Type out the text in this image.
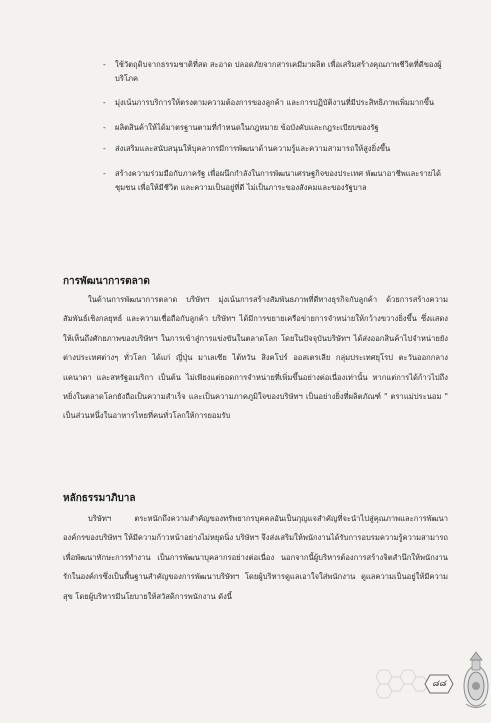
- ใช้วัตถุดิบจากธรรมชาติที่สด สะอาด ปลอดภัยจากสารเคมีมาผลิต เพื่อเสริมสร้างคุณภาพชีวิตที่ดีของผู้บริโภค
- มุ่งเน้นการบริการให้ตรงตามความต้องการของลูกค้า และการปฏิบัติงานที่มีประสิทธิภาพเพิ่มมากขึ้น
- ผลิตสินค้าให้ได้มาตรฐานตามที่กำหนดในกฎหมาย ข้อบังคับและกฎระเบียบของรัฐ
- ส่งเสริมและสนับสนุนให้บุคลากรมีการพัฒนาด้านความรู้และความสามารถให้สูงยิ่งขึ้น
- สร้างความร่วมมือกับภาครัฐ เพื่อผนึกกำลังในการพัฒนาเศรษฐกิจของประเทศ พัฒนาอาชีพและรายได้ชุมชน เพื่อให้มีชีวิต และความเป็นอยู่ที่ดี ไม่เป็นภาระของสังคมและของรัฐบาล
การพัฒนาการตลาด

ในด้านการพัฒนาการตลาด บริษัทฯ มุ่งเน้นการสร้างสัมพันธภาพที่ดีทางธุรกิจกับลูกค้า ด้วยการสร้างความสัมพันธ์เชิงกลยุทธ์ และความเชื่อถือกับลูกค้า บริษัทฯ ได้มีการขยายเครือข่ายการจำหน่ายให้กว้างขวางยิ่งขึ้น ซึ่งแสดงให้เห็นถึงศักยภาพของบริษัทฯ ในการเข้าสู่การแข่งขันในตลาดโลก โดยในปัจจุบันบริษัทฯ ได้ส่งออกสินค้าไปจำหน่ายยังต่างประเทศต่างๆ ทั่วโลก ได้แก่ ญี่ปุ่น มาเลเซีย ไต้หวัน สิงคโปร์ ออสเตรเลีย กลุ่มประเทศยุโรป ตะวันออกกลาง แคนาดา และสหรัฐอเมริกา เป็นต้น ไม่เพียงแต่ยอดการจำหน่ายที่เพิ่มขึ้นอย่างต่อเนื่องเท่านั้น หากแต่การได้ก้าวไปถึงหยิ่งในตลาดโลกยังถือเป็นความสำเร็จ และเป็นความภาคภูมิใจของบริษัทฯ เป็นอย่างยิ่งที่ผลิตภัณฑ์ " ตราแม่ประนอม " เป็นส่วนหนึ่งในอาหารไทยที่คนทั่วโลกให้การยอมรับ

หลักธรรมาภิบาล

บริษัทฯ ตระหนักถึงความสำคัญของทรัพยากรบุคคลอันเป็นกุญแจสำคัญที่จะนำไปสู่คุณภาพและการพัฒนาองค์กรของบริษัทฯ ให้มีความก้าวหน้าอย่างไม่หยุดนิ่ง บริษัทฯ จึงส่งเสริมให้พนักงานได้รับการอบรมความรู้ความสามารถ เพื่อพัฒนาทักษะการทำงาน เป็นการพัฒนาบุคลากรอย่างต่อเนื่อง นอกจากนี้ผู้บริหารต้องการสร้างจิตสำนึกให้พนักงานรักในองค์กรซึ่งเป็นพื้นฐานสำคัญของการพัฒนาบริษัทฯ โดยผู้บริหารดูแลเอาใจใส่พนักงาน ดูแลความเป็นอยู่ให้มีความสุข โดยผู้บริหารมีนโยบายให้สวัสดิการพนักงาน ดังนี้

๘๘
